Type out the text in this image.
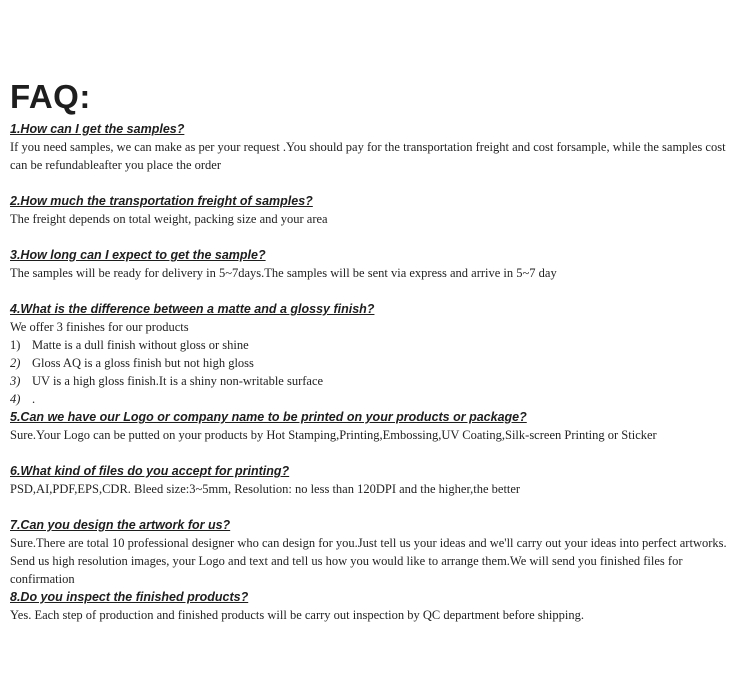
FAQ:

1.How can I get the samples?

If you need samples, we can make as per your request .You should pay for the transportation freight and cost forsample, while the samples cost can be refundableafter you place the order

2.How much the transportation freight of samples?

The freight depends on total weight, packing size and your area

3.How long can I expect to get the sample?

The samples will be ready for delivery in 5~7days.The samples will be sent via express and arrive in 5~7 day

4.What is the difference between a matte and a glossy finish?

We offer 3 finishes for our products

1) Matte is a dull finish without gloss or shine
2) Gloss AQ is a gloss finish but not high gloss
3) UV is a high gloss finish.It is a shiny non-writable surface
4) .

5.Can we have our Logo or company name to be printed on your products or package?

Sure.Your Logo can be putted on your products by Hot Stamping,Printing,Embossing,UV Coating,Silk-screen Printing or Sticker

6.What kind of files do you accept for printing?

PSD,AI,PDF,EPS,CDR. Bleed size:3~5mm, Resolution: no less than 120DPI and the higher,the better

7.Can you design the artwork for us?

Sure.There are total 10 professional designer who can design for you.Just tell us your ideas and we'll carry out your ideas into perfect artworks. Send us high resolution images, your Logo and text and tell us how you would like to arrange them.We will send you finished files for confirmation

8.Do you inspect the finished products?

Yes. Each step of production and finished products will be carry out inspection by QC department before shipping.
